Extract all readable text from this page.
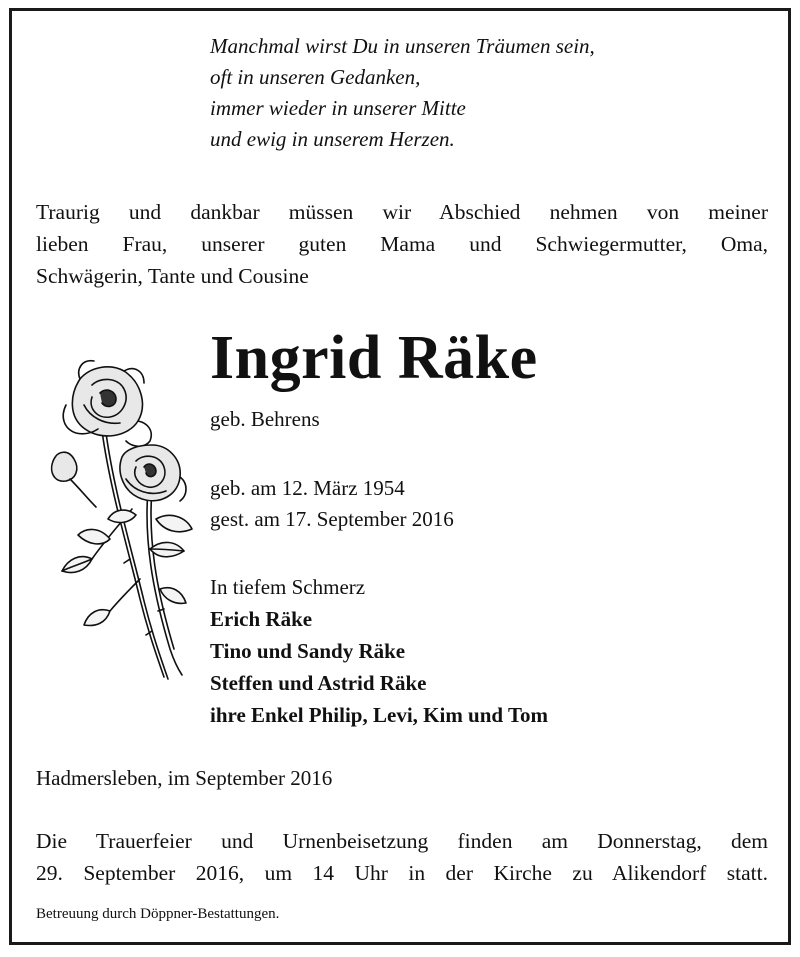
Manchmal wirst Du in unseren Träumen sein,
oft in unseren Gedanken,
immer wieder in unserer Mitte
und ewig in unserem Herzen.
Traurig und dankbar müssen wir Abschied nehmen von meiner
lieben Frau, unserer guten Mama und Schwiegermutter, Oma,
Schwägerin, Tante und Cousine
Ingrid Räke
geb. Behrens
geb. am 12. März 1954
gest. am 17. September 2016
In tiefem Schmerz
Erich Räke
Tino und Sandy Räke
Steffen und Astrid Räke
ihre Enkel Philip, Levi, Kim und Tom
Hadmersleben, im September 2016
Die Trauerfeier und Urnenbeisetzung finden am Donnerstag, dem
29. September 2016, um 14 Uhr in der Kirche zu Alikendorf statt.
Betreuung durch Döppner-Bestattungen.
